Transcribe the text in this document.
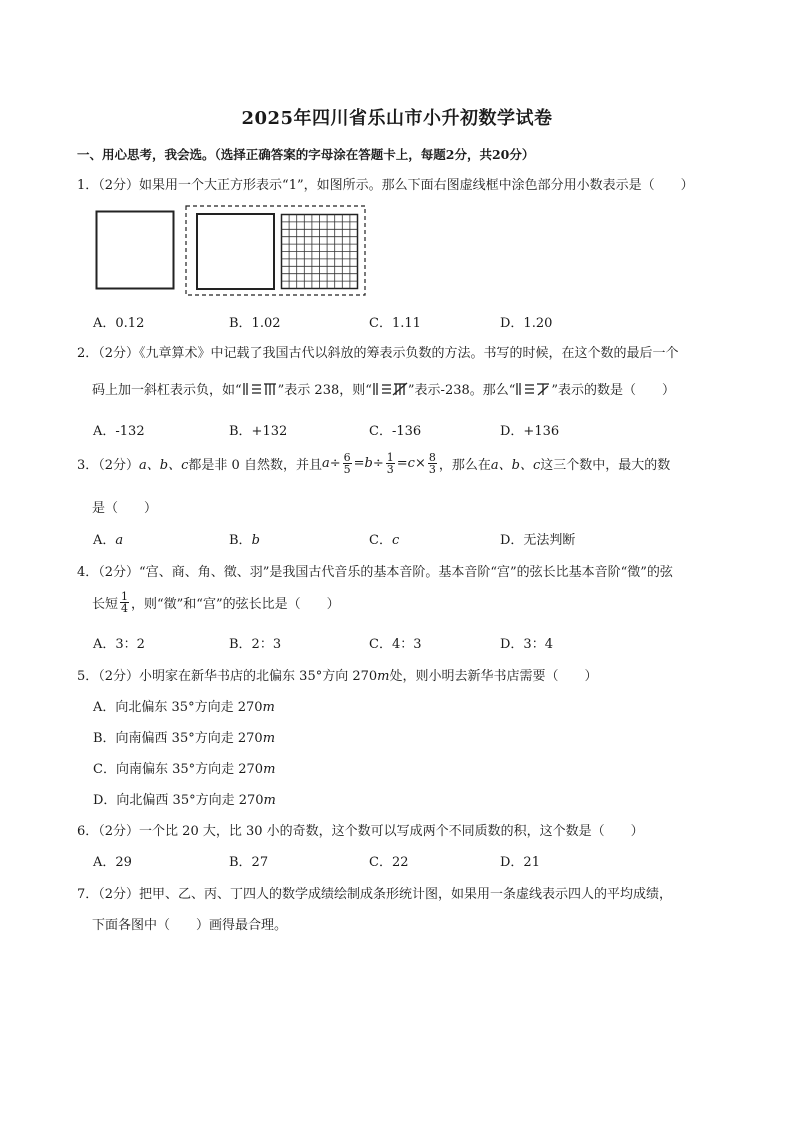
2025年四川省乐山市小升初数学试卷
一、用心思考，我会选。（选择正确答案的字母涂在答题卡上，每题2分，共20分）
1．（2分）如果用一个大正方形表示“1”，如图所示。那么下面右图虚线框中涂色部分用小数表示是（　　）
A．0.12	B．1.02	C．1.11	D．1.20
2．（2分）《九章算术》中记载了我国古代以斜放的筹表示负数的方法。书写的时候，在这个数的最后一个
码上加一斜杠表示负，如“	”表示 238，则“	”表示-238。那么“	”表示的数是（　　）
A．-132	B．+132	C．-136	D．+136
3．（2分） a、b、c 都是非 0 自然数，并且 $a \div \frac{6}{5} = b \div \frac{1}{3} = c \times \frac{8}{3}$ ，那么在 a、b、c 这三个数中，最大的数
是（　　）
A．a	B．b	C．c	D．无法判断
4．（2分）“宫、商、角、徵、羽”是我国古代音乐的基本音阶。基本音阶“宫”的弦长比基本音阶“徵”的弦
长短 $\frac{1}{4}$ ，则“徵”和“宫”的弦长比是（　　）
A．3：2	B．2：3	C．4：3	D．3：4
5．（2分）小明家在新华书店的北偏东 35°方向 270m处，则小明去新华书店需要（　　）
A．向北偏东 35°方向走 270m
B．向南偏西 35°方向走 270m
C．向南偏东 35°方向走 270m
D．向北偏西 35°方向走 270m
6．（2分）一个比 20 大，比 30 小的奇数，这个数可以写成两个不同质数的积，这个数是（　　）
A．29	B．27	C．22	D．21
7．（2分）把甲、乙、丙、丁四人的数学成绩绘制成条形统计图，如果用一条虚线表示四人的平均成绩，
下面各图中（　　）画得最合理。
